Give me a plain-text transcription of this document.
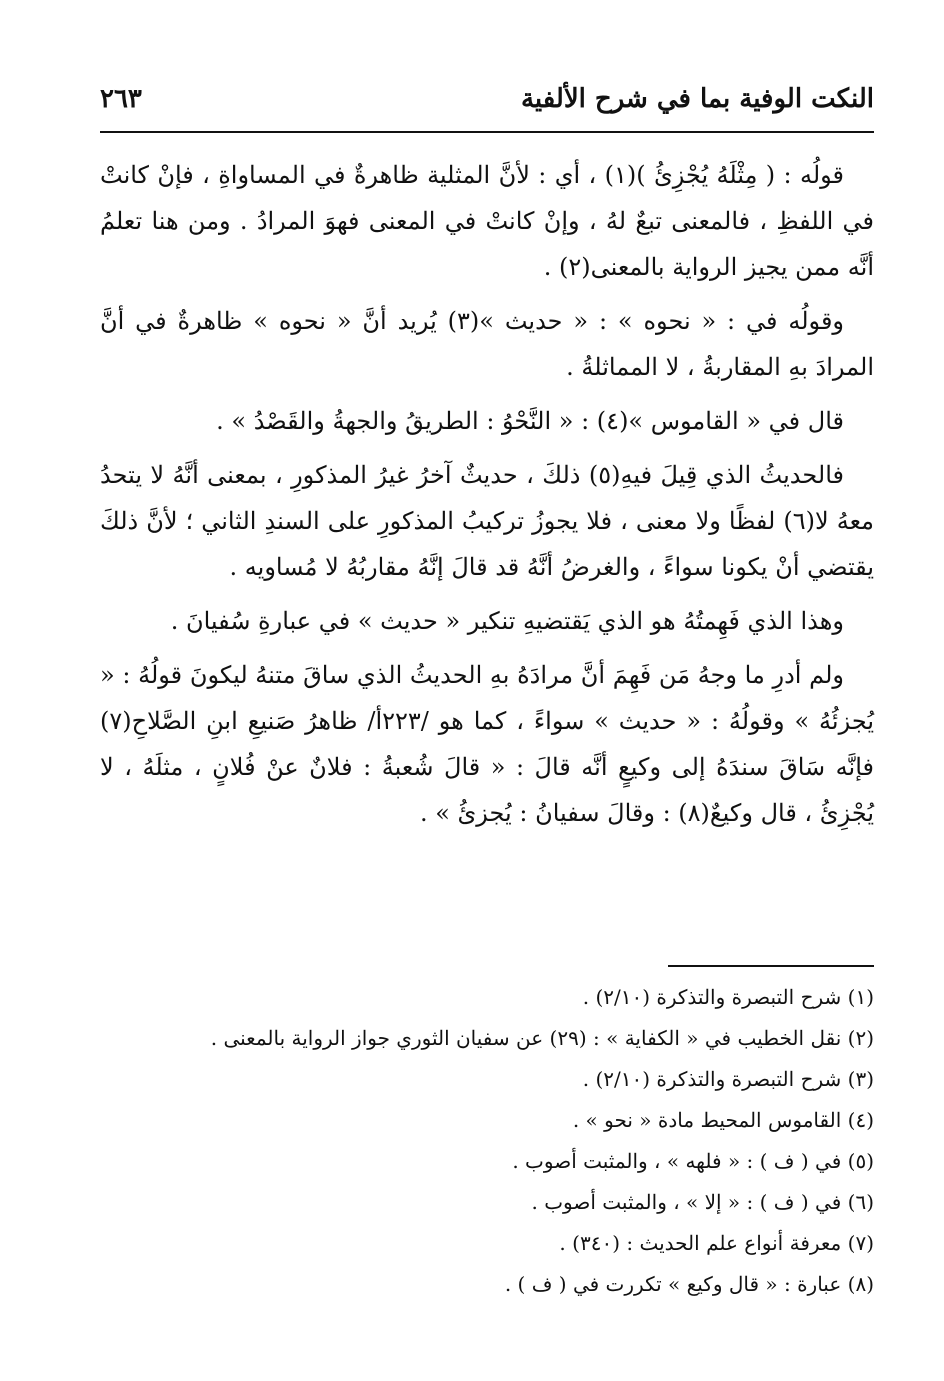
النكت الوفية بما في شرح الألفية
٢٦٣

قولُه : ( مِثْلَهُ يُجْزِئُ )(١) ، أي : لأنَّ المثلية ظاهرةٌ في المساواةِ ، فإنْ كانتْ في اللفظِ ، فالمعنى تبعٌ لهُ ، وإنْ كانتْ في المعنى فهوَ المرادُ . ومن هنا تعلمُ أنَّه ممن يجيز الرواية بالمعنى(٢) .

وقولُه في : « نحوه » : « حديث »(٣) يُريد أنَّ « نحوه » ظاهرةٌ في أنَّ المرادَ بهِ المقاربةُ ، لا المماثلةُ .

قال في « القاموس »(٤) : « النَّحْوُ : الطريقُ والجهةُ والقَصْدُ » .

فالحديثُ الذي قِيلَ فيهِ(٥) ذلكَ ، حديثٌ آخرُ غيرُ المذكورِ ، بمعنى أنَّهُ لا يتحدُ معهُ لا(٦) لفظًا ولا معنى ، فلا يجوزُ تركيبُ المذكورِ على السندِ الثاني ؛ لأنَّ ذلكَ يقتضي أنْ يكونا سواءً ، والغرضُ أنَّهُ قد قالَ إنَّهُ مقاربُهُ لا مُساويه .

وهذا الذي فَهِمتُهُ هو الذي يَقتضيهِ تنكير « حديث » في عبارةِ سُفيانَ .

ولم أدرِ ما وجهُ مَن فَهِمَ أنَّ مرادَهُ بهِ الحديثُ الذي ساقَ متنهُ ليكونَ قولُهُ : « يُجزئُهُ » وقولُهُ : « حديث » سواءً ، كما هو /٢٢٣أ/ ظاهرُ صَنيعِ ابنِ الصَّلاحِ(٧) فإنَّه سَاقَ سندَهُ إلى وكيعٍ أنَّه قالَ : « قالَ شُعبةُ : فلانٌ عنْ فُلانٍ ، مثلَهُ ، لا يُجْزِئُ ، قال وكيعٌ(٨) : وقالَ سفيانُ : يُجزئُ » .

(١) شرح التبصرة والتذكرة (٢/١٠) .
(٢) نقل الخطيب في « الكفاية » : (٢٩) عن سفيان الثوري جواز الرواية بالمعنى .
(٣) شرح التبصرة والتذكرة (٢/١٠) .
(٤) القاموس المحيط مادة « نحو » .
(٥) في ( ف ) : « فلهه » ، والمثبت أصوب .
(٦) في ( ف ) : « إلا » ، والمثبت أصوب .
(٧) معرفة أنواع علم الحديث : (٣٤٠) .
(٨) عبارة : « قال وكيع » تكررت في ( ف ) .
